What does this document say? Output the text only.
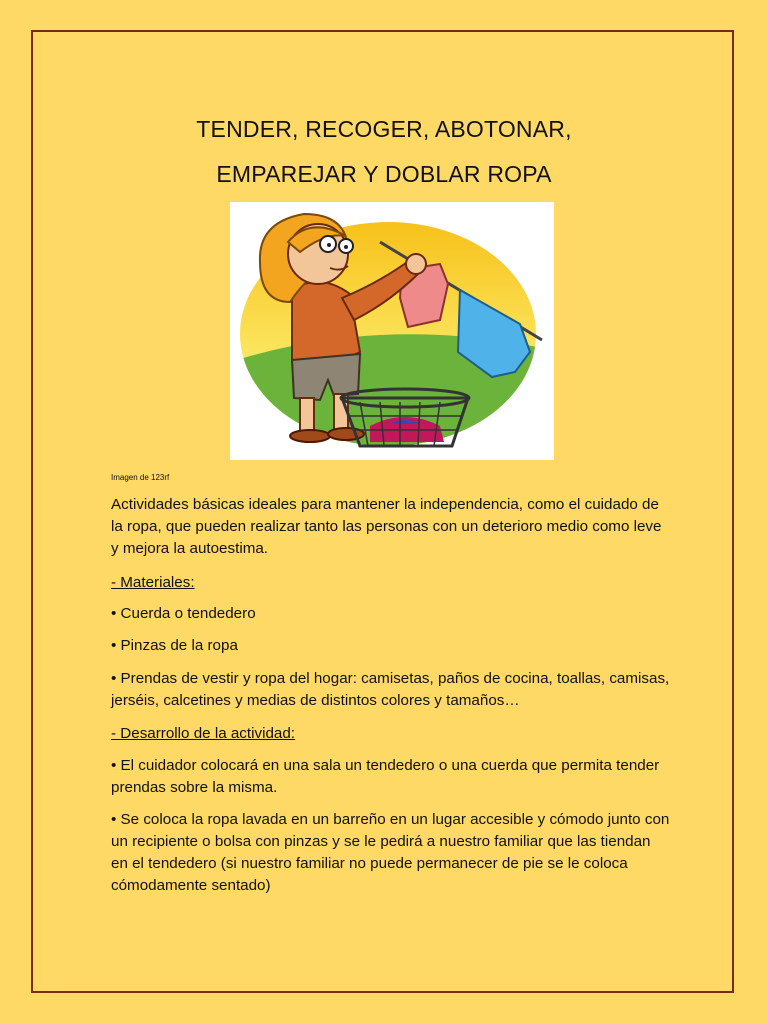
TENDER, RECOGER, ABOTONAR,
EMPAREJAR Y DOBLAR ROPA
Imagen de 123rf

Actividades básicas ideales para mantener la independencia, como el cuidado de la ropa, que pueden realizar tanto las personas con un deterioro medio como leve y mejora la autoestima.

- Materiales:

• Cuerda o tendedero

• Pinzas de la ropa

• Prendas de vestir y ropa del hogar: camisetas, paños de cocina, toallas, camisas, jerséis, calcetines y medias de distintos colores y tamaños…

- Desarrollo de la actividad:

• El cuidador colocará en una sala un tendedero o una cuerda que permita tender prendas sobre la misma.

• Se coloca la ropa lavada en un barreño en un lugar accesible y cómodo junto con un recipiente o bolsa con pinzas y se le pedirá a nuestro familiar que las tiendan en el tendedero (si nuestro familiar no puede permanecer de pie se le coloca cómodamente sentado)
